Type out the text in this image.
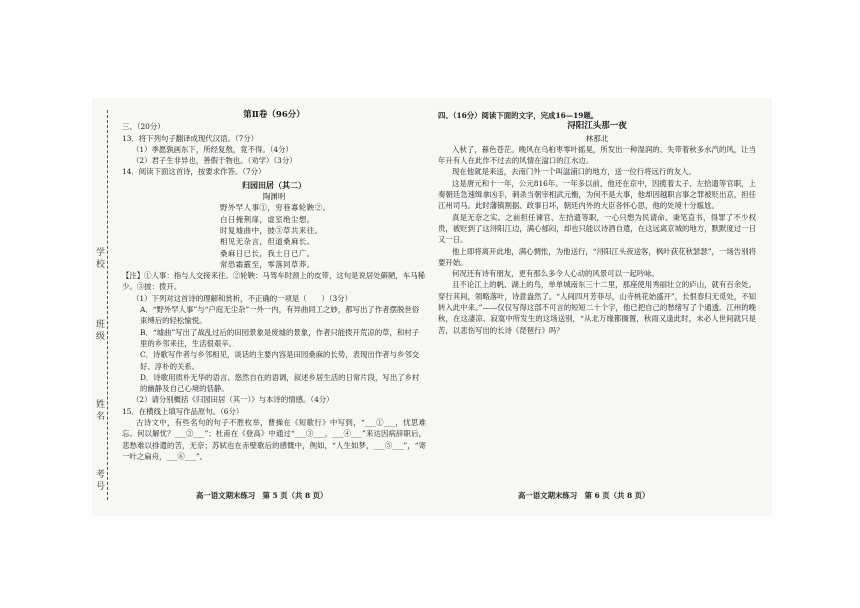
学
校
班
级
姓
名
考
号
第Ⅱ卷（96分）

三、（20分）

13．将下列句子翻译成现代汉语。（7分）

（1）季愿孰画东下，所经复熬，竟不得。（4分）

（2）君子生非异也，善假于物也。（劝学）（3分）

14．阅读下面这首诗，按要求作答。（7分）

归园田居（其二）
陶渊明
野外罕人事①，穷巷寡轮鞅②。
白日掩荆扉，虚室绝尘想。
时复墟曲中，披③草共来往。
相见无杂言，但道桑麻长。
桑麻日已长，我土日已广。
常恐霜霰至，零落同草莽。

【注】①人事：指与人交接来往。②轮鞅：马驾车时颈上的皮带，这句是说居处僻陋，车马稀少。③披：拨开。

（1）下列对这首诗的理解和赏析，不正确的一项是（　　）（3分）

A．“野外罕人事”与“户庭无尘杂”一外一内，有异曲同工之妙，都写出了作者摆脱世俗束缚后的轻松愉悦。

B．“墟曲”写出了战乱过后的田园景象是废墟的景象，作者只能拨开荒凉的草，和村子里的乡邻来往，生活很艰辛。

C．诗歌写作者与乡邻相见，谈话的主要内容是田园桑麻的长势，表现出作者与乡邻交好、淳朴的关系。

D．诗歌用质朴无华的语言、悠然自在的语调，叙述乡居生活的日常片段，写出了乡村的幽静及自己心境的恬静。

（2）请分别概括《归园田居（其一）》与本诗的情感。（4分）

15．在横线上填写作品原句。（6分）

古诗文中，有些名句的句子不胜枚举，曹操在《短歌行》中写到，“___①___，忧思难忘。何以解忧？___②___”；杜甫在《登高》中通过“___③___，___④___”来达因病辞职后，悲愁难以排遣的苦，无奈；苏轼也在赤壁歌后的感慨中，例如，“人生如梦，___⑤___”，“寄一叶之扁舟，___⑥___”。

高一语文期末练习　第 5 页（共 8 页）

四、（16分）阅读下面的文字，完成16—19题。

浔阳江头那一夜
林那北

入秋了，暮色苍茫。晚风在乌桕枣零叶摇晃，所发出一种湿润的、失带着秋多水汽的风，让当年升有人在此作不过去的风情在湓口的江水边。

现在他就是来送，去南门外一个叫湓浦口的地方，送一位行将远行的友人。

这是唐元和十一年，公元816年。一年多以前，他还在京中，因揽着太子、左拾遗等官职，上奏朝廷急速缉拿凶手，刺杀当朝宰相武元衡，为何不是大事，他却因越职言事之罪被贬出京，担任江州司马。此时藩镇割据、政事日坏，朝廷内外的大臣各怀心思，他的处境十分尴尬。

真是无奈之实。之前担任谏官、左拾遗等职，一心只想为民请命、秉笔直书，得罪了不少权贵，被贬到了这浔阳江边，满心郁闷，却也只能以诗酒自遣，在这远离京城的地方，默默度过一日又一日。

他上即将离开此地，满心惆怅，为他送行，“浔阳江头夜送客，枫叶荻花秋瑟瑟”，一场告别将要开始。

何况还有诗有朋友，更有那么多令人心动的风景可以一起吟咏。

且不论江上的帆、湖上的鸟，单单城南东三十二里，那座使用秀丽壮立的庐山，就有百余处。穿行其间，领略落叶，诗意盎然了。“人间四月芳菲尽，山寺桃花始盛开”，长恨春归无觅处，不知转入此中来。”——仅仅写得这部不可言的短短二十个字，他已把自己的愁绪写了个通透。江州的晚秋，在这凄凉、寂寞中所发生的这场送别，“从北万缘都搁置，秋雨又逢此时，未必人世间就只是苦，以悲伤写出的长诗《琵琶行》吗？

高一语文期末练习　第 6 页（共 8 页）
